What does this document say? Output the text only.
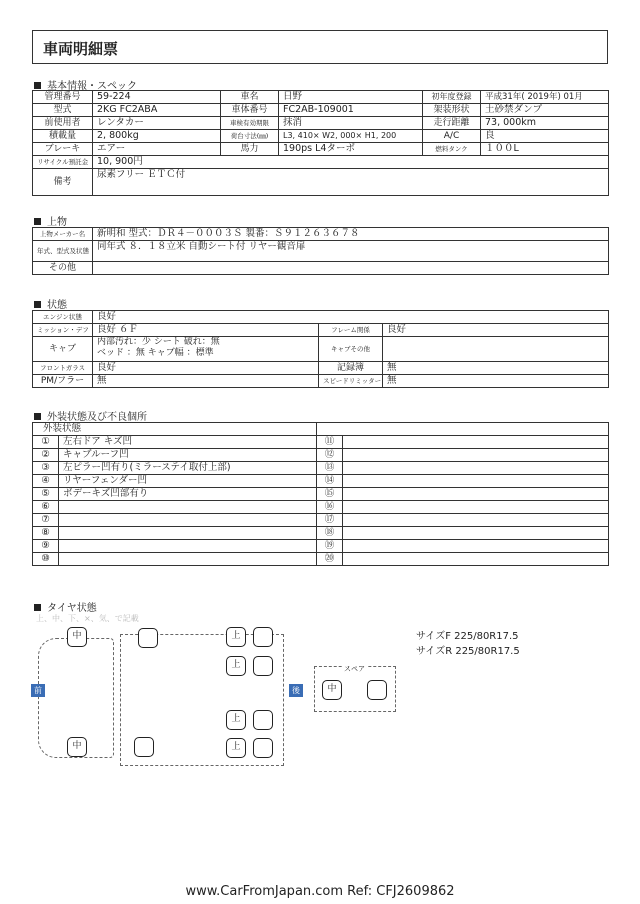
車両明細票
基本情報・スペック
管理番号	59-224	車名	日野	初年度登録	平成31年( 2019年) 01月
型式	2KG FC2ABA	車体番号	FC2AB-109001	架装形状	土砂禁ダンプ
前使用者	レンタカー	車検有効期限	抹消	走行距離	73, 000km
積載量	2, 800kg	荷台寸法(㎜)	L3, 410× W2, 000× H1, 200	A/C	良
ブレーキ	エアー	馬力	190ps L4ターボ	燃料タンク	１００L
リサイクル預託金	10, 900円				
備考	尿素フリー ＥＴＣ付				
上物
上物メーカー名	新明和 型式：ＤＲ４－０００３Ｓ 製番：Ｓ９１２６３６７８
年式、型式及状態	同年式 ８．１８立米 自動シート付 リヤー観音扉
その他	
状態
エンジン状態	良好		
ミッション・デフ	良好 ６Ｆ	フレーム関係	良好
キャブ	内部汚れ：少 シート 破れ：無
ベッド ：無 キャブ幅 ：標準	キャブその他	
フロントガラス	良好	記録簿	無
PM/フラー	無	スピードリミッター	無
外装状態及び不良個所
外装状態			
①	左右ドア キズ凹	⑪	
②	キャブルーフ凹	⑫	
③	左ピラー凹有り(ミラーステイ取付上部)	⑬	
④	リヤーフェンダー凹	⑭	
⑤	ボデーキズ凹部有り	⑮	
⑥		⑯	
⑦		⑰	
⑧		⑱	
⑨		⑲	
⑩		⑳	
タイヤ状態
上、中、下、×、気、で記載
前	後
スペア
中
中
上
上
上
上
中
サイズF 225/80R17.5
サイズR 225/80R17.5
www.CarFromJapan.com Ref: CFJ2609862
